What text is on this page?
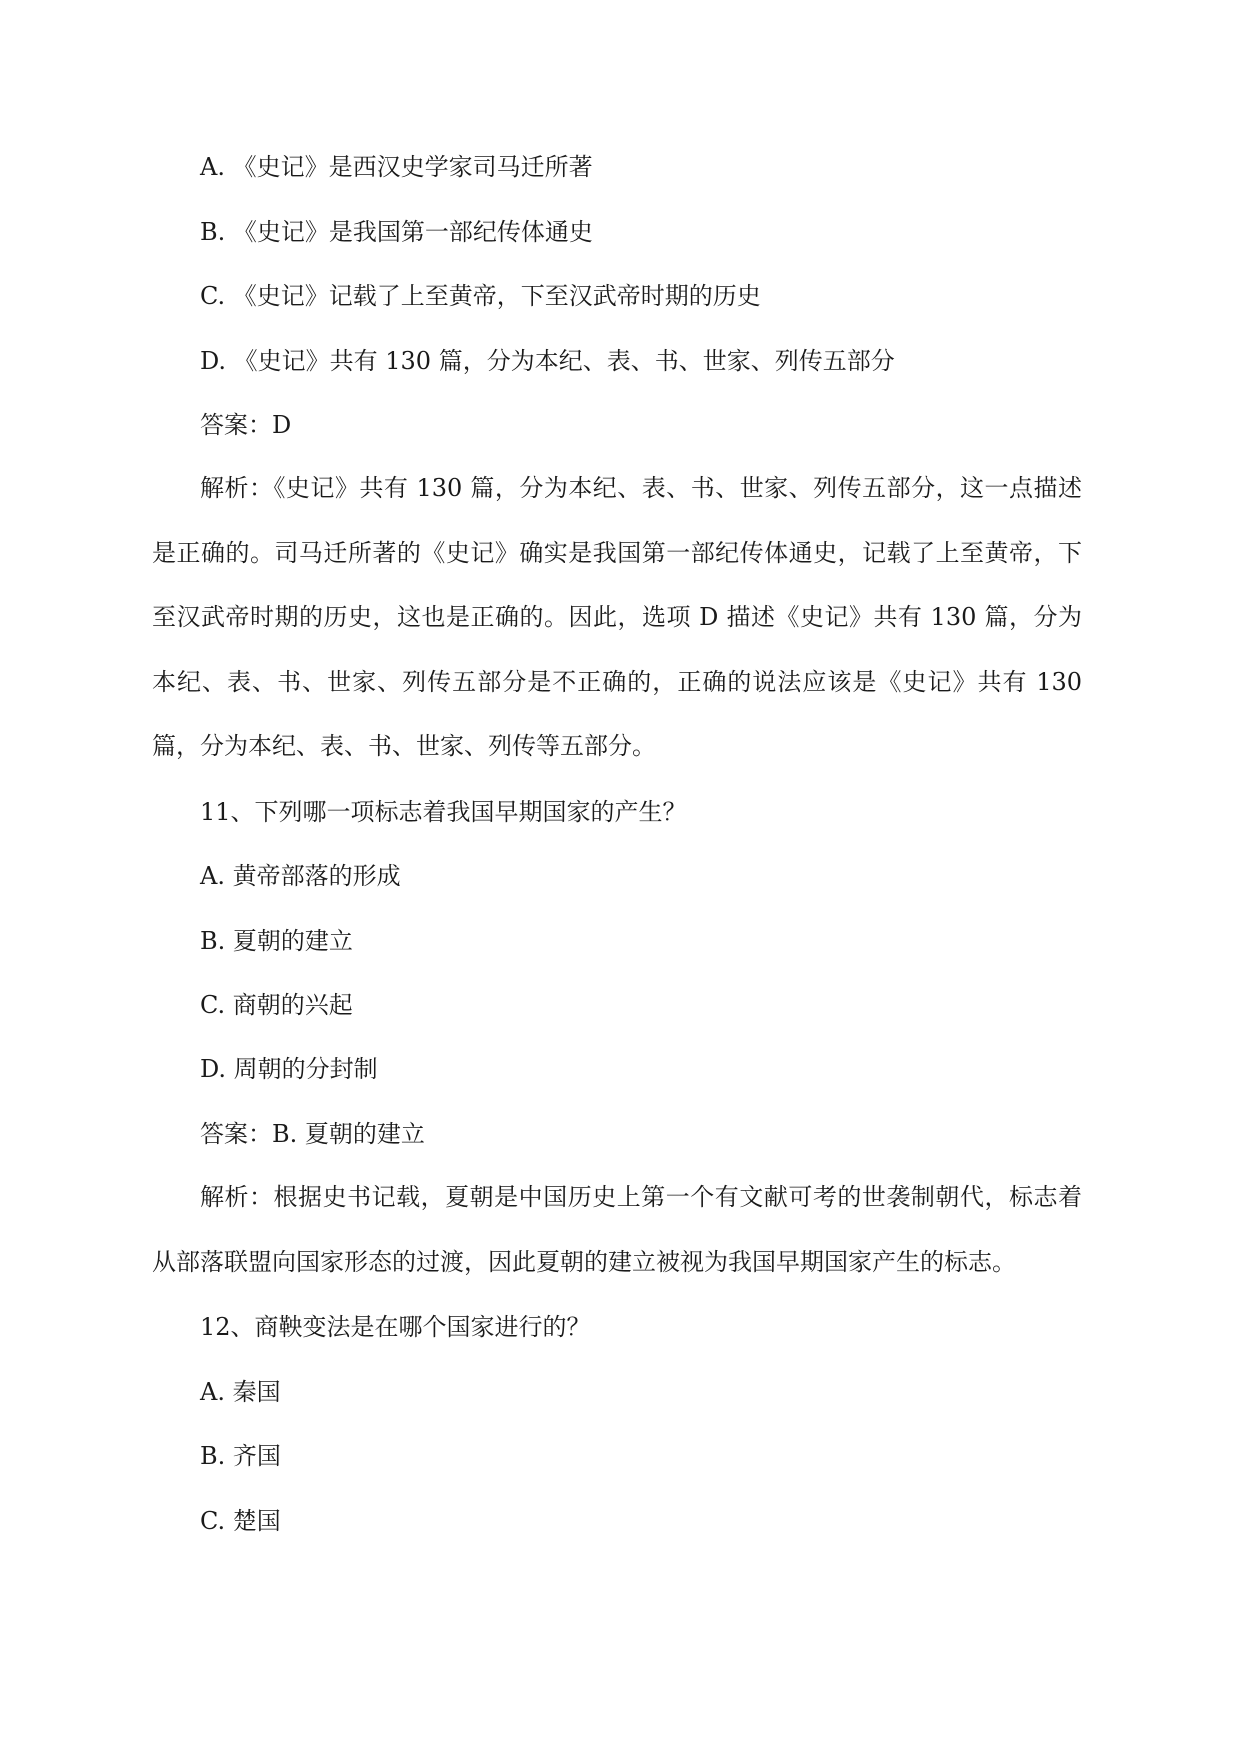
A. 《史记》是西汉史学家司马迁所著
B. 《史记》是我国第一部纪传体通史
C. 《史记》记载了上至黄帝，下至汉武帝时期的历史
D. 《史记》共有 130 篇，分为本纪、表、书、世家、列传五部分
答案：D
解析：《史记》共有 130 篇，分为本纪、表、书、世家、列传五部分，这一点描述是正确的。司马迁所著的《史记》确实是我国第一部纪传体通史，记载了上至黄帝，下至汉武帝时期的历史，这也是正确的。因此，选项 D 描述《史记》共有 130 篇，分为本纪、表、书、世家、列传五部分是不正确的，正确的说法应该是《史记》共有 130 篇，分为本纪、表、书、世家、列传等五部分。
11、下列哪一项标志着我国早期国家的产生？
A. 黄帝部落的形成
B. 夏朝的建立
C. 商朝的兴起
D. 周朝的分封制
答案：B. 夏朝的建立
解析：根据史书记载，夏朝是中国历史上第一个有文献可考的世袭制朝代，标志着从部落联盟向国家形态的过渡，因此夏朝的建立被视为我国早期国家产生的标志。
12、商鞅变法是在哪个国家进行的？
A. 秦国
B. 齐国
C. 楚国
